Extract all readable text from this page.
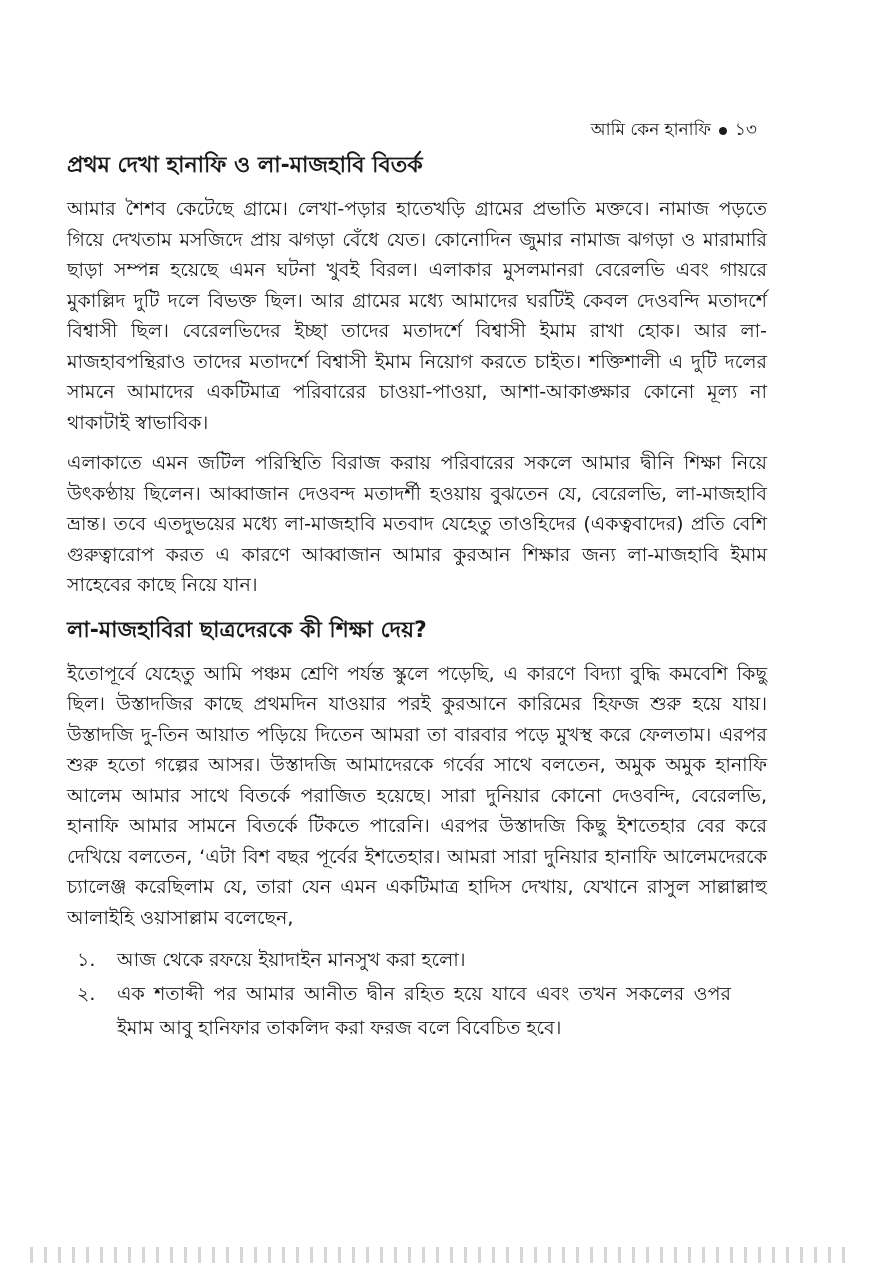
আমি কেন হানাফি ১৩
প্রথম দেখা হানাফি ও লা-মাজহাবি বিতর্ক

আমার শৈশব কেটেছে গ্রামে। লেখা-পড়ার হাতেখড়ি গ্রামের প্রভাতি মক্তবে। নামাজ পড়তে গিয়ে দেখতাম মসজিদে প্রায় ঝগড়া বেঁধে যেত। কোনোদিন জুমার নামাজ ঝগড়া ও মারামারি ছাড়া সম্পন্ন হয়েছে এমন ঘটনা খুবই বিরল। এলাকার মুসলমানরা বেরেলভি এবং গায়রে মুকাল্লিদ দুটি দলে বিভক্ত ছিল। আর গ্রামের মধ্যে আমাদের ঘরটিই কেবল দেওবন্দি মতাদর্শে বিশ্বাসী ছিল। বেরেলভিদের ইচ্ছা তাদের মতাদর্শে বিশ্বাসী ইমাম রাখা হোক। আর লা-মাজহাবপন্থিরাও তাদের মতাদর্শে বিশ্বাসী ইমাম নিয়োগ করতে চাইত। শক্তিশালী এ দুটি দলের সামনে আমাদের একটিমাত্র পরিবারের চাওয়া-পাওয়া, আশা-আকাঙ্ক্ষার কোনো মূল্য না থাকাটাই স্বাভাবিক।

এলাকাতে এমন জটিল পরিস্থিতি বিরাজ করায় পরিবারের সকলে আমার দ্বীনি শিক্ষা নিয়ে উৎকণ্ঠায় ছিলেন। আব্বাজান দেওবন্দ মতাদর্শী হওয়ায় বুঝতেন যে, বেরেলভি, লা-মাজহাবি ভ্রান্ত। তবে এতদুভয়ের মধ্যে লা-মাজহাবি মতবাদ যেহেতু তাওহিদের (একত্ববাদের) প্রতি বেশি গুরুত্বারোপ করত এ কারণে আব্বাজান আমার কুরআন শিক্ষার জন্য লা-মাজহাবি ইমাম সাহেবের কাছে নিয়ে যান।

লা-মাজহাবিরা ছাত্রদেরকে কী শিক্ষা দেয়?

ইতোপূর্বে যেহেতু আমি পঞ্চম শ্রেণি পর্যন্ত স্কুলে পড়েছি, এ কারণে বিদ্যা বুদ্ধি কমবেশি কিছু ছিল। উস্তাদজির কাছে প্রথমদিন যাওয়ার পরই কুরআনে কারিমের হিফজ শুরু হয়ে যায়। উস্তাদজি দু-তিন আয়াত পড়িয়ে দিতেন আমরা তা বারবার পড়ে মুখস্থ করে ফেলতাম। এরপর শুরু হতো গল্পের আসর। উস্তাদজি আমাদেরকে গর্বের সাথে বলতেন, অমুক অমুক হানাফি আলেম আমার সাথে বিতর্কে পরাজিত হয়েছে। সারা দুনিয়ার কোনো দেওবন্দি, বেরেলভি, হানাফি আমার সামনে বিতর্কে টিকতে পারেনি। এরপর উস্তাদজি কিছু ইশতেহার বের করে দেখিয়ে বলতেন, ‘এটা বিশ বছর পূর্বের ইশতেহার। আমরা সারা দুনিয়ার হানাফি আলেমদেরকে চ্যালেঞ্জ করেছিলাম যে, তারা যেন এমন একটিমাত্র হাদিস দেখায়, যেখানে রাসুল সাল্লাল্লাহু আলাইহি ওয়াসাল্লাম বলেছেন,

১.	আজ থেকে রফয়ে ইয়াদাইন মানসুখ করা হলো।
২.	এক শতাব্দী পর আমার আনীত দ্বীন রহিত হয়ে যাবে এবং তখন সকলের ওপর ইমাম আবু হানিফার তাকলিদ করা ফরজ বলে বিবেচিত হবে।
